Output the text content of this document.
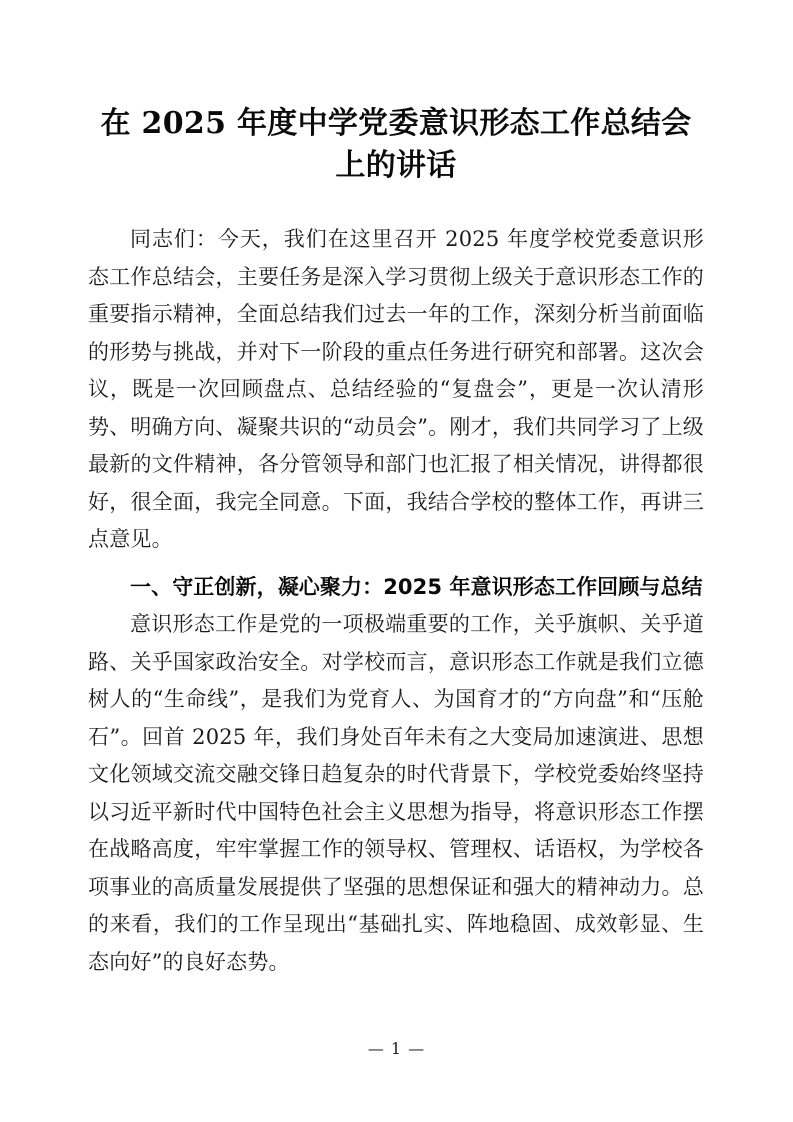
在 2025 年度中学党委意识形态工作总结会上的讲话

同志们：今天，我们在这里召开 2025 年度学校党委意识形态工作总结会，主要任务是深入学习贯彻上级关于意识形态工作的重要指示精神，全面总结我们过去一年的工作，深刻分析当前面临的形势与挑战，并对下一阶段的重点任务进行研究和部署。这次会议，既是一次回顾盘点、总结经验的“复盘会”，更是一次认清形势、明确方向、凝聚共识的“动员会”。刚才，我们共同学习了上级最新的文件精神，各分管领导和部门也汇报了相关情况，讲得都很好，很全面，我完全同意。下面，我结合学校的整体工作，再讲三点意见。

一、守正创新，凝心聚力：2025 年意识形态工作回顾与总结

意识形态工作是党的一项极端重要的工作，关乎旗帜、关乎道路、关乎国家政治安全。对学校而言，意识形态工作就是我们立德树人的“生命线”，是我们为党育人、为国育才的“方向盘”和“压舱石”。回首 2025 年，我们身处百年未有之大变局加速演进、思想文化领域交流交融交锋日趋复杂的时代背景下，学校党委始终坚持以习近平新时代中国特色社会主义思想为指导，将意识形态工作摆在战略高度，牢牢掌握工作的领导权、管理权、话语权，为学校各项事业的高质量发展提供了坚强的思想保证和强大的精神动力。总的来看，我们的工作呈现出“基础扎实、阵地稳固、成效彰显、生态向好”的良好态势。

— 1 —
